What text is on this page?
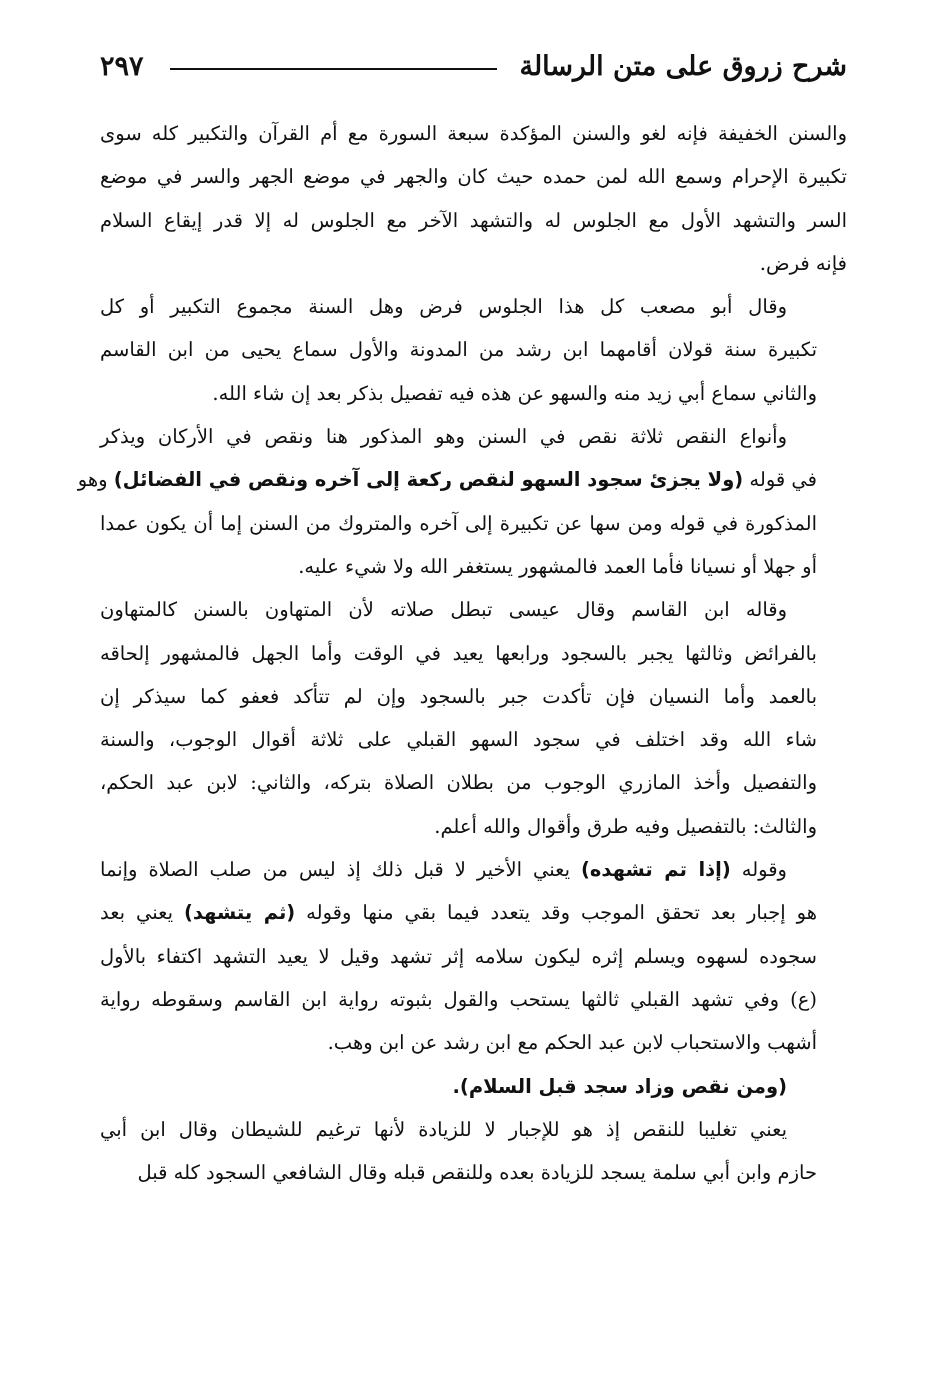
شرح زروق على متن الرسالة
٢٩٧

والسنن الخفيفة فإنه لغو والسنن المؤكدة سبعة السورة مع أم القرآن والتكبير كله سوى
تكبيرة الإحرام وسمع الله لمن حمده حيث كان والجهر في موضع الجهر والسر في موضع
السر والتشهد الأول مع الجلوس له والتشهد الآخر مع الجلوس له إلا قدر إيقاع السلام
فإنه فرض.

وقال أبو مصعب كل هذا الجلوس فرض وهل السنة مجموع التكبير أو كل
تكبيرة سنة قولان أقامهما ابن رشد من المدونة والأول سماع يحيى من ابن القاسم
والثاني سماع أبي زيد منه والسهو عن هذه فيه تفصيل بذكر بعد إن شاء الله.

وأنواع النقص ثلاثة نقص في السنن وهو المذكور هنا ونقص في الأركان ويذكر
في قوله (ولا يجزئ سجود السهو لنقص ركعة إلى آخره ونقص في الفضائل) وهو
المذكورة في قوله ومن سها عن تكبيرة إلى آخره والمتروك من السنن إما أن يكون عمدا
أو جهلا أو نسيانا فأما العمد فالمشهور يستغفر الله ولا شيء عليه.

وقاله ابن القاسم وقال عيسى تبطل صلاته لأن المتهاون بالسنن كالمتهاون
بالفرائض وثالثها يجبر بالسجود ورابعها يعيد في الوقت وأما الجهل فالمشهور إلحاقه
بالعمد وأما النسيان فإن تأكدت جبر بالسجود وإن لم تتأكد فعفو كما سيذكر إن
شاء الله وقد اختلف في سجود السهو القبلي على ثلاثة أقوال الوجوب، والسنة
والتفصيل وأخذ المازري الوجوب من بطلان الصلاة بتركه، والثاني: لابن عبد الحكم،
والثالث: بالتفصيل وفيه طرق وأقوال والله أعلم.

وقوله (إذا تم تشهده) يعني الأخير لا قبل ذلك إذ ليس من صلب الصلاة وإنما
هو إجبار بعد تحقق الموجب وقد يتعدد فيما بقي منها وقوله (ثم يتشهد) يعني بعد
سجوده لسهوه ويسلم إثره ليكون سلامه إثر تشهد وقيل لا يعيد التشهد اكتفاء بالأول
(ع) وفي تشهد القبلي ثالثها يستحب والقول بثبوته رواية ابن القاسم وسقوطه رواية
أشهب والاستحباب لابن عبد الحكم مع ابن رشد عن ابن وهب.

(ومن نقص وزاد سجد قبل السلام).

يعني تغليبا للنقص إذ هو للإجبار لا للزيادة لأنها ترغيم للشيطان وقال ابن أبي
حازم وابن أبي سلمة يسجد للزيادة بعده وللنقص قبله وقال الشافعي السجود كله قبل
